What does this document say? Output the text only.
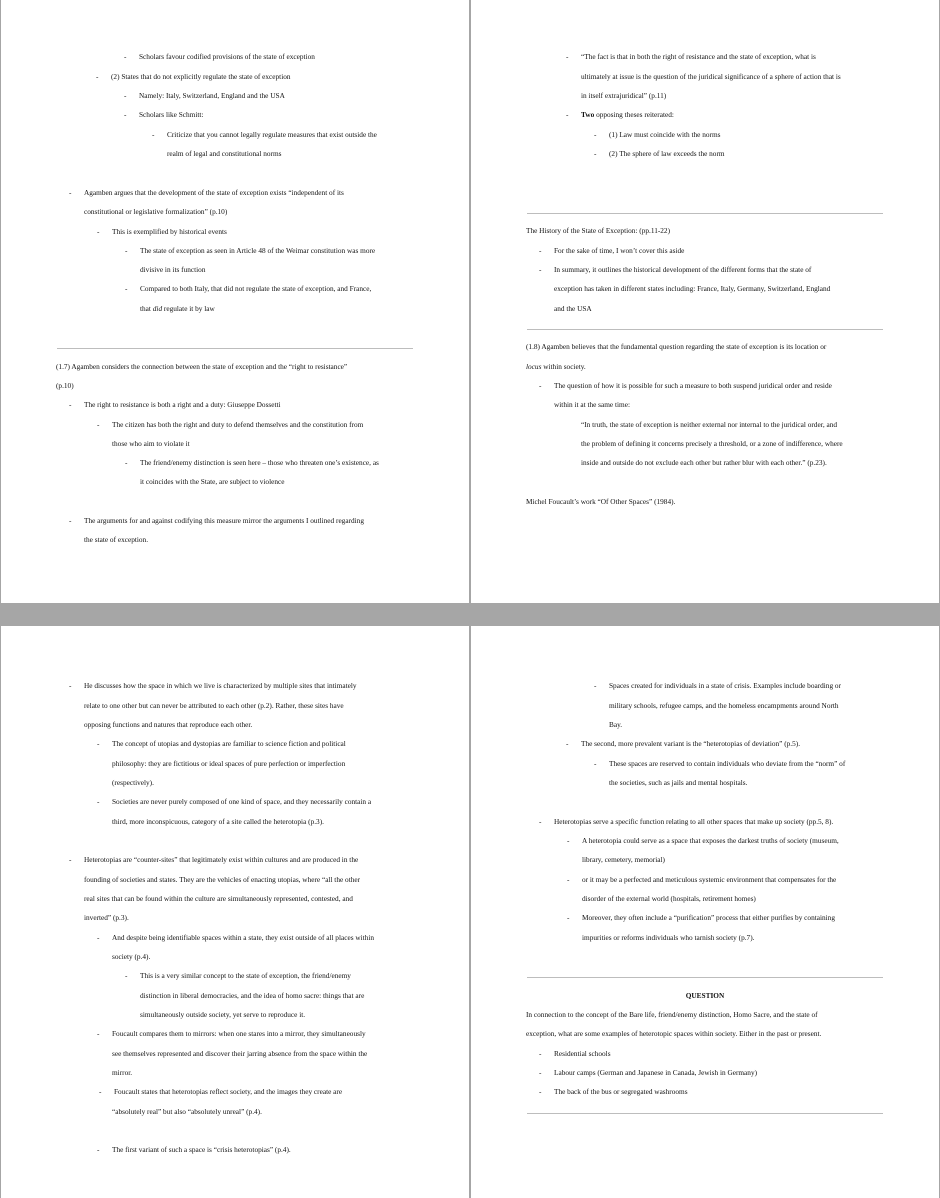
- Scholars favour codified provisions of the state of exception
- (2) States that do not explicitly regulate the state of exception
- Namely: Italy, Switzerland, England and the USA
- Scholars like Schmitt:
- Criticize that you cannot legally regulate measures that exist outside the
realm of legal and constitutional norms
- Agamben argues that the development of the state of exception exists “independent of its
constitutional or legislative formalization” (p.10)
- This is exemplified by historical events
- The state of exception as seen in Article 48 of the Weimar constitution was more
divisive in its function
- Compared to both Italy, that did not regulate the state of exception, and France,
that did regulate it by law
(1.7) Agamben considers the connection between the state of exception and the “right to resistance”
(p.10)
- The right to resistance is both a right and a duty: Giuseppe Dossetti
- The citizen has both the right and duty to defend themselves and the constitution from
those who aim to violate it
- The friend/enemy distinction is seen here – those who threaten one’s existence, as
it coincides with the State, are subject to violence
- The arguments for and against codifying this measure mirror the arguments I outlined regarding
the state of exception.
- “The fact is that in both the right of resistance and the state of exception, what is
ultimately at issue is the question of the juridical significance of a sphere of action that is
in itself extrajuridical” (p.11)
- Two opposing theses reiterated:
- (1) Law must coincide with the norms
- (2) The sphere of law exceeds the norm
The History of the State of Exception: (pp.11-22)
- For the sake of time, I won’t cover this aside
- In summary, it outlines the historical development of the different forms that the state of
exception has taken in different states including: France, Italy, Germany, Switzerland, England
and the USA
(1.8) Agamben believes that the fundamental question regarding the state of exception is its location or
locus within society.
- The question of how it is possible for such a measure to both suspend juridical order and reside
within it at the same time:
“In truth, the state of exception is neither external nor internal to the juridical order, and
the problem of defining it concerns precisely a threshold, or a zone of indifference, where
inside and outside do not exclude each other but rather blur with each other.” (p.23).
Michel Foucault’s work “Of Other Spaces” (1984).
- He discusses how the space in which we live is characterized by multiple sites that intimately
relate to one other but can never be attributed to each other (p.2). Rather, these sites have
opposing functions and natures that reproduce each other.
- The concept of utopias and dystopias are familiar to science fiction and political
philosophy: they are fictitious or ideal spaces of pure perfection or imperfection
(respectively).
- Societies are never purely composed of one kind of space, and they necessarily contain a
third, more inconspicuous, category of a site called the heterotopia (p.3).
- Heterotopias are “counter-sites” that legitimately exist within cultures and are produced in the
founding of societies and states. They are the vehicles of enacting utopias, where “all the other
real sites that can be found within the culture are simultaneously represented, contested, and
inverted” (p.3).
- And despite being identifiable spaces within a state, they exist outside of all places within
society (p.4).
- This is a very similar concept to the state of exception, the friend/enemy
distinction in liberal democracies, and the idea of homo sacre: things that are
simultaneously outside society, yet serve to reproduce it.
- Foucault compares them to mirrors: when one stares into a mirror, they simultaneously
see themselves represented and discover their jarring absence from the space within the
mirror.
- Foucault states that heterotopias reflect society, and the images they create are
“absolutely real” but also “absolutely unreal” (p.4).
- The first variant of such a space is “crisis heterotopias” (p.4).
- Spaces created for individuals in a state of crisis. Examples include boarding or
military schools, refugee camps, and the homeless encampments around North
Bay.
- The second, more prevalent variant is the “heterotopias of deviation” (p.5).
- These spaces are reserved to contain individuals who deviate from the “norm” of
the societies, such as jails and mental hospitals.
- Heterotopias serve a specific function relating to all other spaces that make up society (pp.5, 8).
- A heterotopia could serve as a space that exposes the darkest truths of society (museum,
library, cemetery, memorial)
- or it may be a perfected and meticulous systemic environment that compensates for the
disorder of the external world (hospitals, retirement homes)
- Moreover, they often include a “purification” process that either purifies by containing
impurities or reforms individuals who tarnish society (p.7).
QUESTION
In connection to the concept of the Bare life, friend/enemy distinction, Homo Sacre, and the state of
exception, what are some examples of heterotopic spaces within society. Either in the past or present.
- Residential schools
- Labour camps (German and Japanese in Canada, Jewish in Germany)
- The back of the bus or segregated washrooms
